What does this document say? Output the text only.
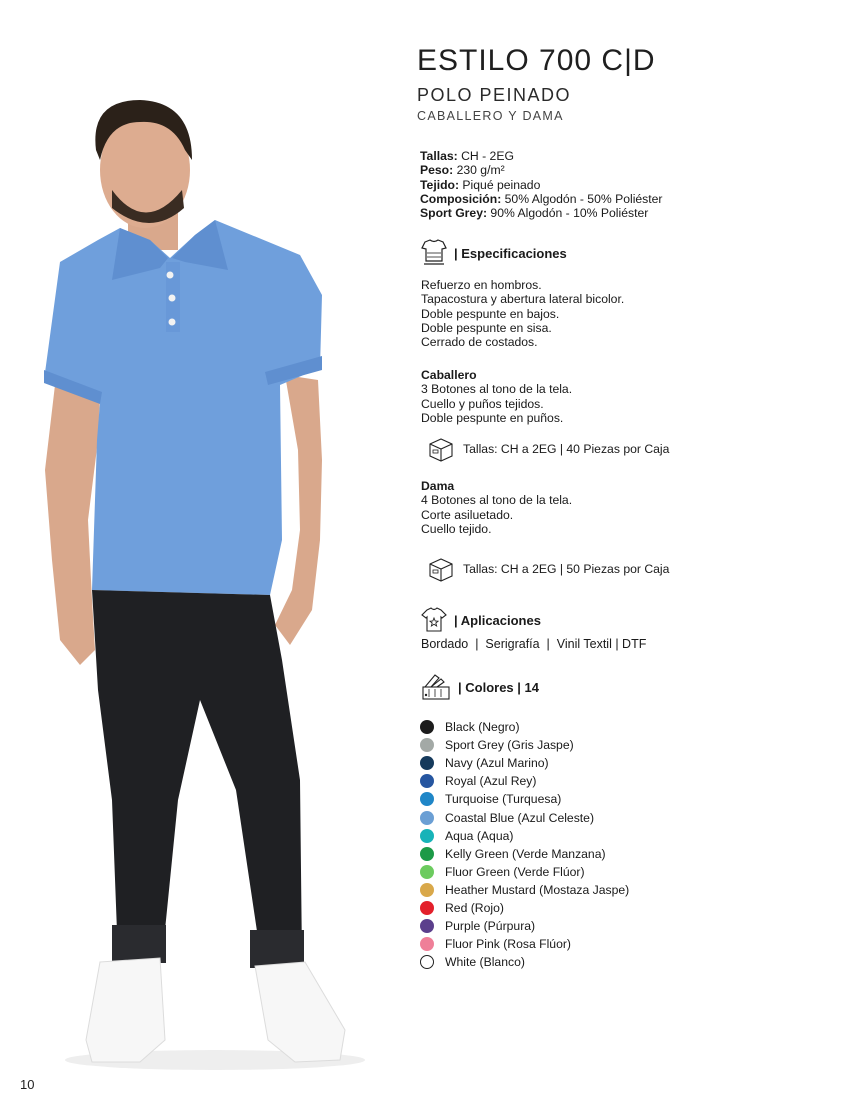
10
ESTILO 700 C|D
POLO PEINADO
CABALLERO Y DAMA
Tallas: CH - 2EG
Peso: 230 g/m²
Tejido: Piqué peinado
Composición: 50% Algodón - 50% Poliéster
Sport Grey: 90% Algodón - 10% Poliéster
| Especificaciones
Refuerzo en hombros.
Tapacostura y abertura lateral bicolor.
Doble pespunte en bajos.
Doble pespunte en sisa.
Cerrado de costados.
Caballero
3 Botones al tono de la tela.
Cuello y puños tejidos.
Doble pespunte en puños.
Tallas: CH a 2EG | 40 Piezas por Caja
Dama
4 Botones al tono de la tela.
Corte asiluetado.
Cuello tejido.
Tallas: CH a 2EG | 50 Piezas por Caja
| Aplicaciones
Bordado  |  Serigrafía  |  Vinil Textil | DTF
| Colores | 14
Black (Negro)
Sport Grey (Gris Jaspe)
Navy (Azul Marino)
Royal (Azul Rey)
Turquoise (Turquesa)
Coastal Blue (Azul Celeste)
Aqua (Aqua)
Kelly Green (Verde Manzana)
Fluor Green (Verde Flúor)
Heather Mustard (Mostaza Jaspe)
Red (Rojo)
Purple (Púrpura)
Fluor Pink (Rosa Flúor)
White (Blanco)
